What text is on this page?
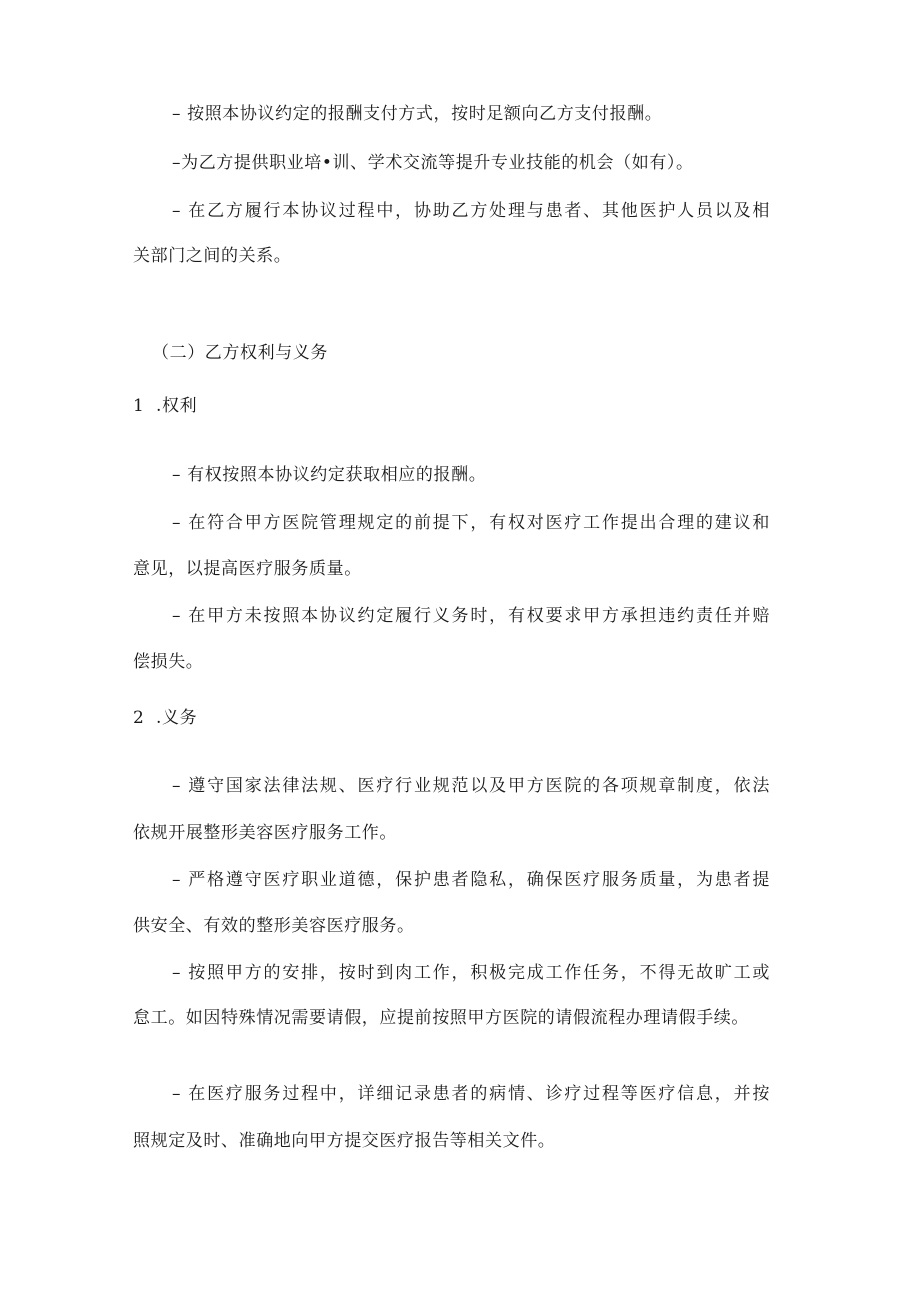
– 按照本协议约定的报酬支付方式，按时足额向乙方支付报酬。
–为乙方提供职业培•训、学术交流等提升专业技能的机会（如有）。
– 在乙方履行本协议过程中，协助乙方处理与患者、其他医护人员以及相
关部门之间的关系。
（二）乙方权利与义务
1 .权利
– 有权按照本协议约定获取相应的报酬。
– 在符合甲方医院管理规定的前提下，有权对医疗工作提出合理的建议和
意见，以提高医疗服务质量。
– 在甲方未按照本协议约定履行义务时，有权要求甲方承担违约责任并赔
偿损失。
2 .义务
– 遵守国家法律法规、医疗行业规范以及甲方医院的各项规章制度，依法
依规开展整形美容医疗服务工作。
– 严格遵守医疗职业道德，保护患者隐私，确保医疗服务质量，为患者提
供安全、有效的整形美容医疗服务。
– 按照甲方的安排，按时到肉工作，积极完成工作任务，不得无故旷工或
怠工。如因特殊情况需要请假，应提前按照甲方医院的请假流程办理请假手续。
– 在医疗服务过程中，详细记录患者的病情、诊疗过程等医疗信息，并按
照规定及时、准确地向甲方提交医疗报告等相关文件。
